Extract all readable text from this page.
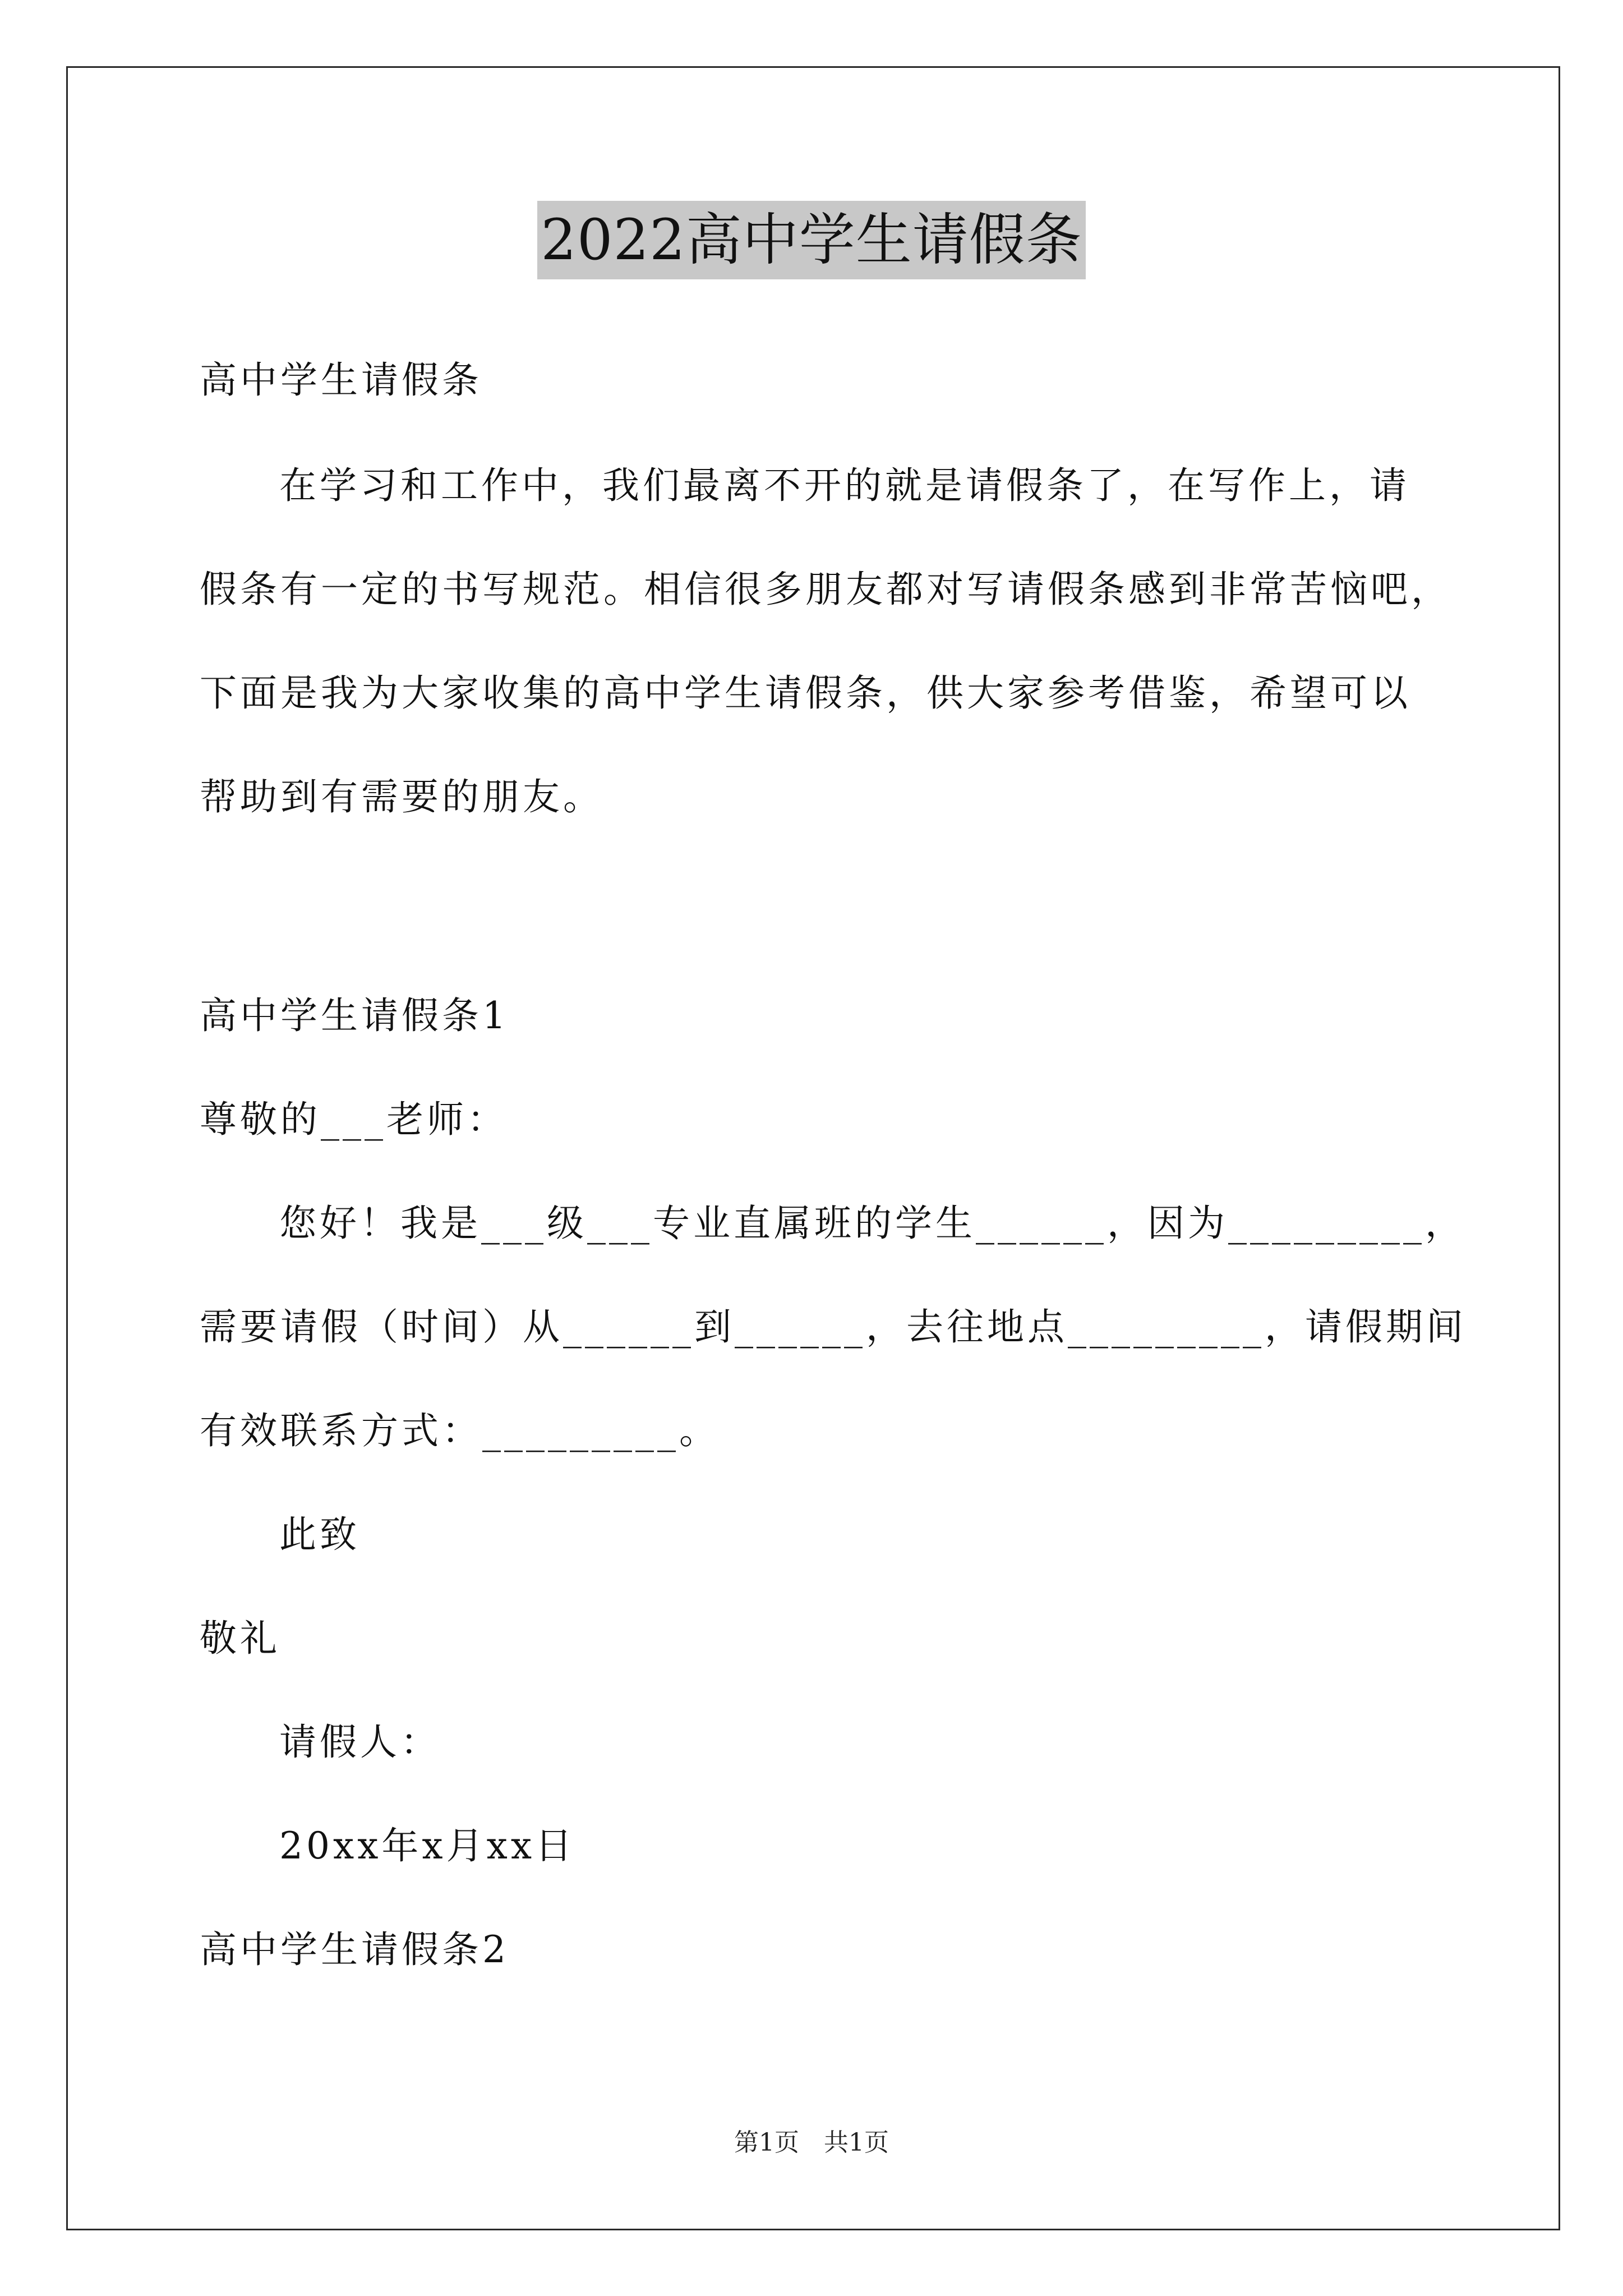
2022高中学生请假条
高中学生请假条
在学习和工作中，我们最离不开的就是请假条了，在写作上，请
假条有一定的书写规范。相信很多朋友都对写请假条感到非常苦恼吧，
下面是我为大家收集的高中学生请假条，供大家参考借鉴，希望可以
帮助到有需要的朋友。
高中学生请假条1
尊敬的___老师：
您好！我是___级___专业直属班的学生______，因为_________，
需要请假（时间）从______到______，去往地点_________，请假期间
有效联系方式：_________。
此致
敬礼
请假人：
20xx年x月xx日
高中学生请假条2
第1页　共1页
